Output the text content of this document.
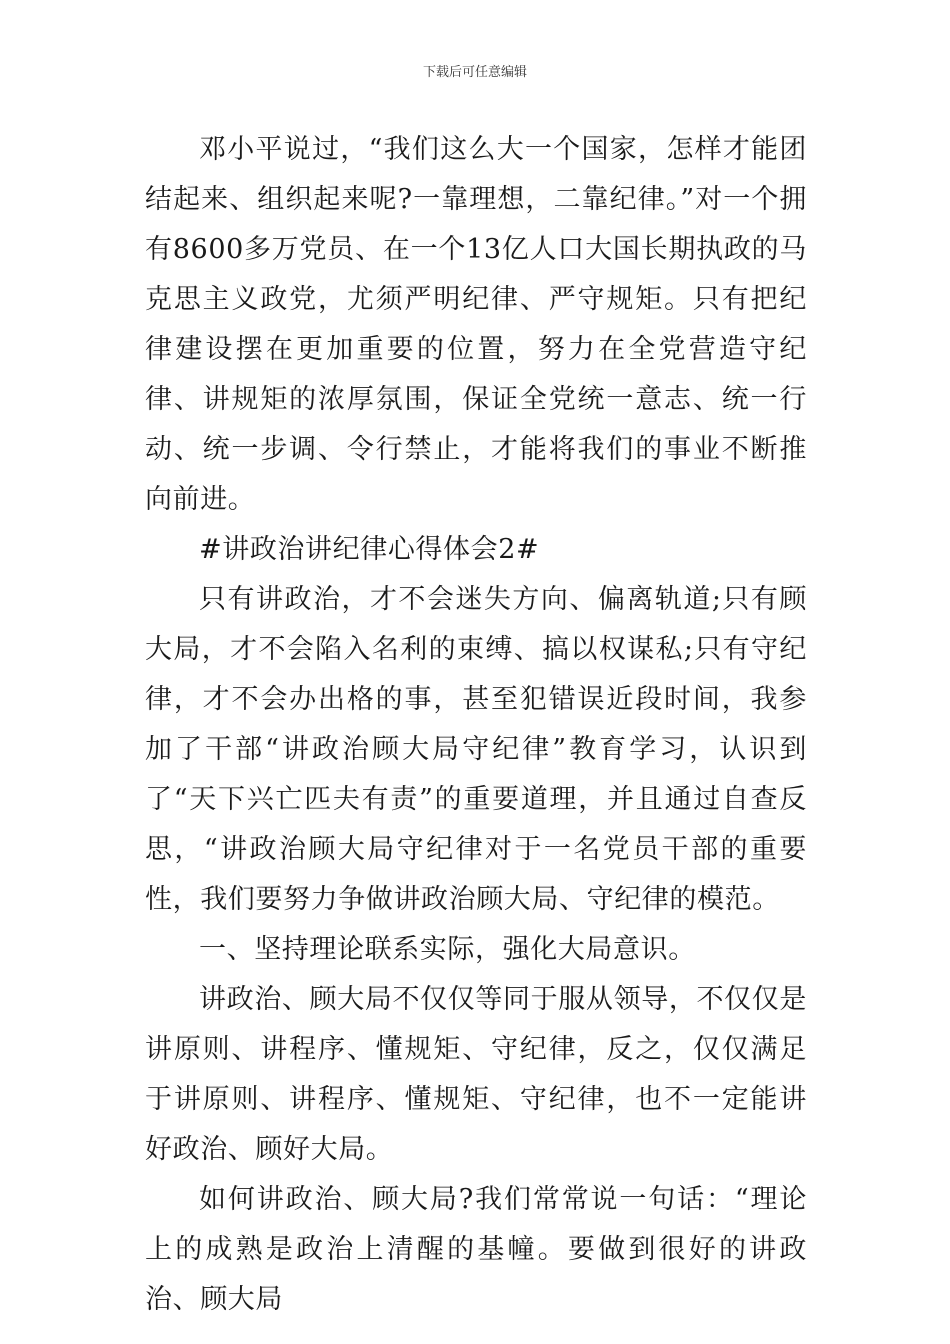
下载后可任意编辑

邓小平说过，“我们这么大一个国家，怎样才能团结起来、组织起来呢?一靠理想，二靠纪律。”对一个拥有8600多万党员、在一个13亿人口大国长期执政的马克思主义政党，尤须严明纪律、严守规矩。只有把纪律建设摆在更加重要的位置，努力在全党营造守纪律、讲规矩的浓厚氛围，保证全党统一意志、统一行动、统一步调、令行禁止，才能将我们的事业不断推向前进。

#讲政治讲纪律心得体会2#

只有讲政治，才不会迷失方向、偏离轨道;只有顾大局，才不会陷入名利的束缚、搞以权谋私;只有守纪律，才不会办出格的事，甚至犯错误近段时间，我参加了干部“讲政治顾大局守纪律”教育学习，认识到了“天下兴亡匹夫有责”的重要道理，并且通过自查反思，“讲政治顾大局守纪律对于一名党员干部的重要性，我们要努力争做讲政治顾大局、守纪律的模范。

一、坚持理论联系实际，强化大局意识。

讲政治、顾大局不仅仅等同于服从领导，不仅仅是讲原则、讲程序、懂规矩、守纪律，反之，仅仅满足于讲原则、讲程序、懂规矩、守纪律，也不一定能讲好政治、顾好大局。

如何讲政治、顾大局?我们常常说一句话：“理论上的成熟是政治上清醒的基幢。要做到很好的讲政治、顾大局
